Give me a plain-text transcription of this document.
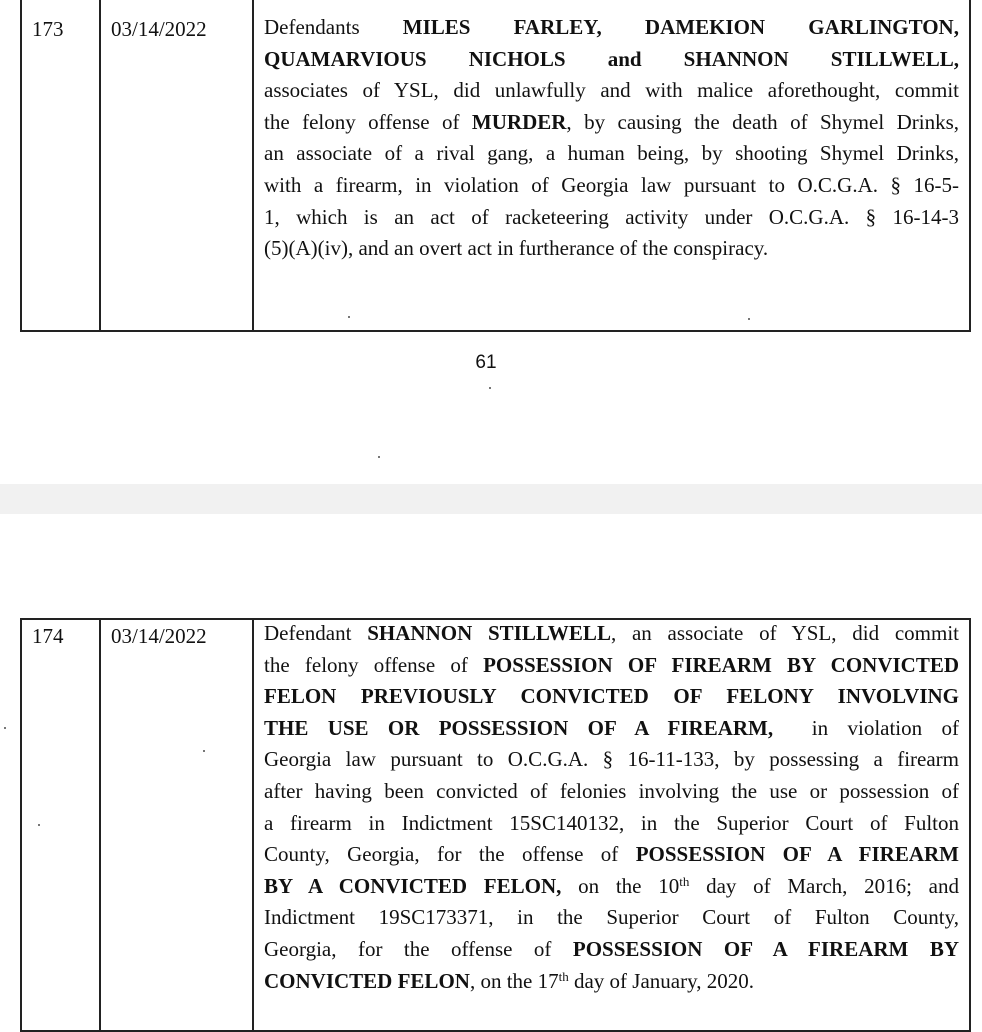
173 03/14/2022	Defendants MILES FARLEY, DAMEKION GARLINGTON,
QUAMARVIOUS NICHOLS and SHANNON STILLWELL,
associates of YSL, did unlawfully and with malice aforethought, commit
the felony offense of MURDER, by causing the death of Shymel Drinks,
an associate of a rival gang, a human being, by shooting Shymel Drinks,
with a firearm, in violation of Georgia law pursuant to O.C.G.A. § 16-5-
1, which is an act of racketeering activity under O.C.G.A. § 16-14-3
(5)(A)(iv), and an overt act in furtherance of the conspiracy.
61
174 03/14/2022	Defendant SHANNON STILLWELL, an associate of YSL, did commit
the felony offense of POSSESSION OF FIREARM BY CONVICTED
FELON PREVIOUSLY CONVICTED OF FELONY INVOLVING
THE USE OR POSSESSION OF A FIREARM,  in violation of
Georgia law pursuant to O.C.G.A. § 16-11-133, by possessing a firearm
after having been convicted of felonies involving the use or possession of
a firearm in Indictment 15SC140132, in the Superior Court of Fulton
County, Georgia, for the offense of POSSESSION OF A FIREARM
BY A CONVICTED FELON, on the 10th day of March, 2016; and
Indictment 19SC173371, in the Superior Court of Fulton County,
Georgia, for the offense of POSSESSION OF A FIREARM BY
CONVICTED FELON, on the 17th day of January, 2020.
